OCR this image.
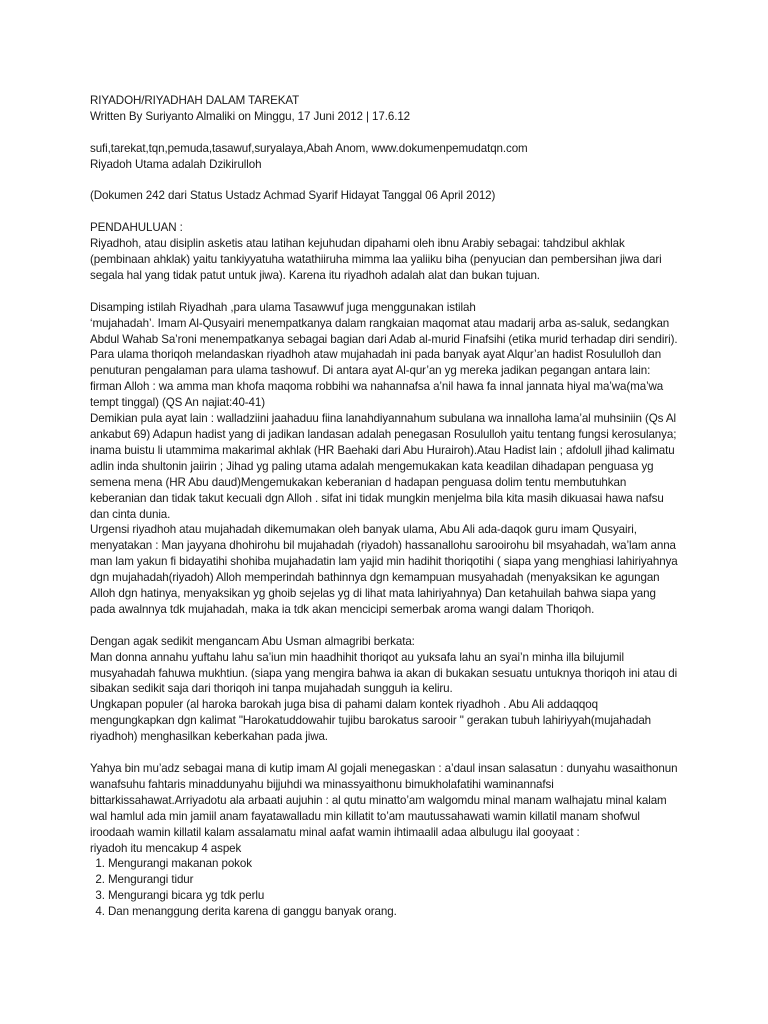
RIYADOH/RIYADHAH DALAM TAREKAT

Written By Suriyanto Almaliki on Minggu, 17 Juni 2012 | 17.6.12

sufi,tarekat,tqn,pemuda,tasawuf,suryalaya,Abah Anom, www.dokumenpemudatqn.com

Riyadoh Utama adalah Dzikirulloh

(Dokumen 242 dari Status Ustadz Achmad Syarif Hidayat Tanggal 06 April 2012)

PENDAHULUAN :

Riyadhoh, atau disiplin asketis atau latihan kejuhudan dipahami oleh ibnu Arabiy sebagai: tahdzibul akhlak (pembinaan ahklak) yaitu tankiyyatuha watathiiruha mimma laa yaliiku biha (penyucian dan pembersihan jiwa dari segala hal yang tidak patut untuk jiwa). Karena itu riyadhoh adalah alat dan bukan tujuan.

Disamping istilah Riyadhah ,para ulama Tasawwuf juga menggunakan istilah

‘mujahadah’. Imam Al-Qusyairi menempatkanya dalam rangkaian maqomat atau madarij arba as-saluk, sedangkan Abdul Wahab Sa’roni menempatkanya sebagai bagian dari Adab al-murid Finafsihi (etika murid terhadap diri sendiri).

Para ulama thoriqoh melandaskan riyadhoh ataw mujahadah ini pada banyak ayat Alqur’an hadist Rosululloh dan penuturan pengalaman para ulama tashowuf. Di antara ayat Al-qur’an yg mereka jadikan pegangan antara lain: firman Alloh : wa amma man khofa maqoma robbihi wa nahannafsa a’nil hawa fa innal jannata hiyal ma’wa(ma’wa tempt tinggal) (QS An najiat:40-41)

Demikian pula ayat lain : walladziini jaahaduu fiina lanahdiyannahum subulana wa innalloha lama’al muhsiniin (Qs Al ankabut 69) Adapun hadist yang di jadikan landasan adalah penegasan Rosululloh yaitu tentang fungsi kerosulanya; inama buistu li utammima makarimal akhlak (HR Baehaki dari Abu Hurairoh).Atau Hadist lain ; afdolull jihad kalimatu adlin inda shultonin jaiirin ; Jihad yg paling utama adalah mengemukakan kata keadilan dihadapan penguasa yg semena mena (HR Abu daud)Mengemukakan keberanian d hadapan penguasa dolim tentu membutuhkan keberanian dan tidak takut kecuali dgn Alloh . sifat ini tidak mungkin menjelma bila kita masih dikuasai hawa nafsu dan cinta dunia.

Urgensi riyadhoh atau mujahadah dikemumakan oleh banyak ulama, Abu Ali ada-daqok guru imam Qusyairi, menyatakan : Man jayyana dhohirohu bil mujahadah (riyadoh) hassanallohu sarooirohu bil msyahadah, wa’lam anna man lam yakun fi bidayatihi shohiba mujahadatin lam yajid min hadihit thoriqotihi ( siapa yang menghiasi lahiriyahnya dgn mujahadah(riyadoh) Alloh memperindah bathinnya dgn kemampuan musyahadah (menyaksikan ke agungan Alloh dgn hatinya, menyaksikan yg ghoib sejelas yg di lihat mata lahiriyahnya) Dan ketahuilah bahwa siapa yang pada awalnnya tdk mujahadah, maka ia tdk akan mencicipi semerbak aroma wangi dalam Thoriqoh.

Dengan agak sedikit mengancam Abu Usman almagribi berkata:

Man donna annahu yuftahu lahu sa’iun min haadhihit thoriqot au yuksafa lahu an syai’n minha illa bilujumil musyahadah fahuwa mukhtiun. (siapa yang mengira bahwa ia akan di bukakan sesuatu untuknya thoriqoh ini atau di sibakan sedikit saja dari thoriqoh ini tanpa mujahadah sungguh ia keliru.

Ungkapan populer (al haroka barokah juga bisa di pahami dalam kontek riyadhoh . Abu Ali addaqqoq mengungkapkan dgn kalimat "Harokatuddowahir tujibu barokatus sarooir " gerakan tubuh lahiriyyah(mujahadah riyadhoh) menghasilkan keberkahan pada jiwa.

Yahya bin mu’adz sebagai mana di kutip imam Al gojali menegaskan : a’daul insan salasatun : dunyahu wasaithonun wanafsuhu fahtaris minaddunyahu bijjuhdi wa minassyaithonu bimukholafatihi waminannafsi bittarkissahawat.Arriyadotu ala arbaati aujuhin : al qutu minatto’am walgomdu minal manam walhajatu minal kalam wal hamlul ada min jamiil anam fayatawalladu min killatit to’am mautussahawati wamin killatil manam shofwul iroodaah wamin killatil kalam assalamatu minal aafat wamin ihtimaalil adaa albulugu ilal gooyaat :

riyadoh itu mencakup 4 aspek

1. Mengurangi makanan pokok
2. Mengurangi tidur
3. Mengurangi bicara yg tdk perlu
4. Dan menanggung derita karena di ganggu banyak orang.
